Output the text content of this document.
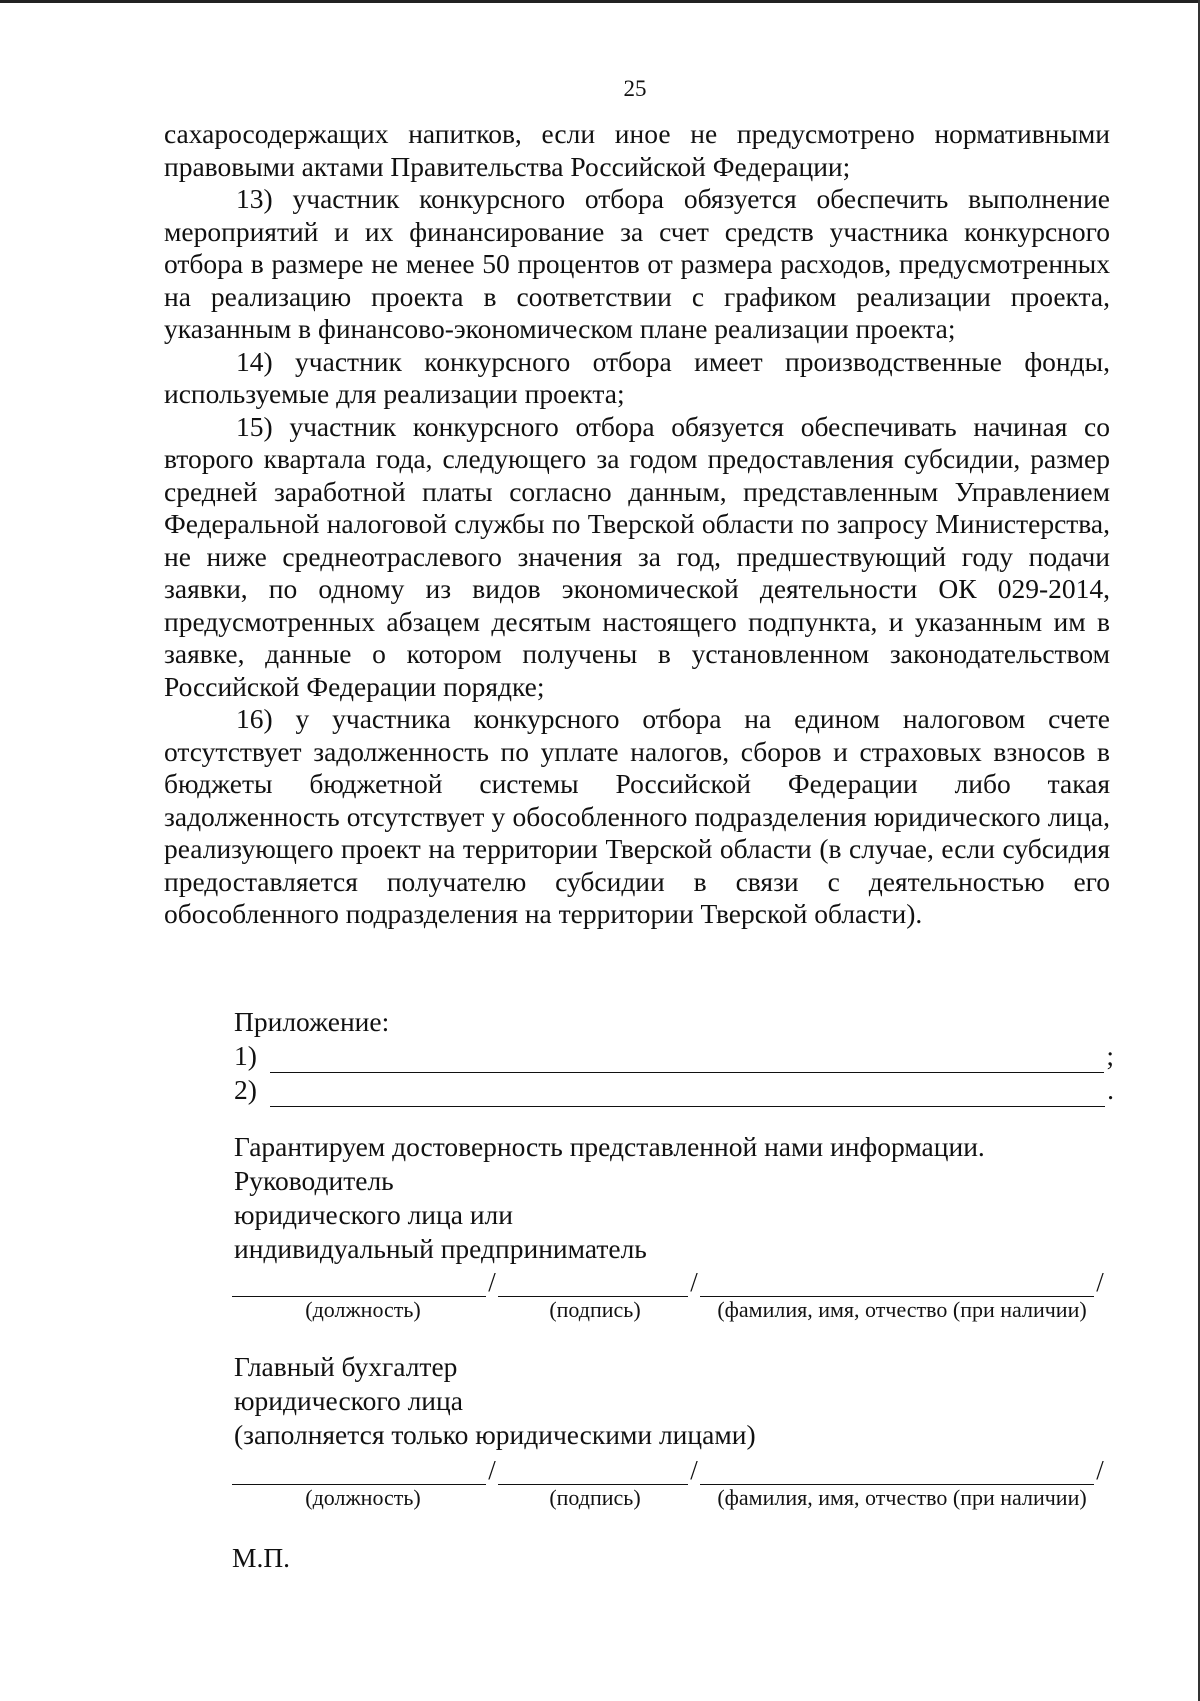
25

сахаросодержащих напитков, если иное не предусмотрено нормативными правовыми актами Правительства Российской Федерации;

13) участник конкурсного отбора обязуется обеспечить выполнение мероприятий и их финансирование за счет средств участника конкурсного отбора в размере не менее 50 процентов от размера расходов, предусмотренных на реализацию проекта в соответствии с графиком реализации проекта, указанным в финансово-экономическом плане реализации проекта;

14) участник конкурсного отбора имеет производственные фонды, используемые для реализации проекта;

15) участник конкурсного отбора обязуется обеспечивать начиная со второго квартала года, следующего за годом предоставления субсидии, размер средней заработной платы согласно данным, представленным Управлением Федеральной налоговой службы по Тверской области по запросу Министерства, не ниже среднеотраслевого значения за год, предшествующий году подачи заявки, по одному из видов экономической деятельности ОК 029-2014, предусмотренных абзацем десятым настоящего подпункта, и указанным им в заявке, данные о котором получены в установленном законодательством Российской Федерации порядке;

16) у участника конкурсного отбора на едином налоговом счете отсутствует задолженность по уплате налогов, сборов и страховых взносов в бюджеты бюджетной системы Российской Федерации либо такая задолженность отсутствует у обособленного подразделения юридического лица, реализующего проект на территории Тверской области (в случае, если субсидия предоставляется получателю субсидии в связи с деятельностью его обособленного подразделения на территории Тверской области).

Приложение:
1)	;
2)	.

Гарантируем достоверность представленной нами информации.

Руководитель

юридического лица или

индивидуальный предприниматель

/	/	/
(должность)	(подпись)	(фамилия, имя, отчество (при наличии)

Главный бухгалтер

юридического лица

(заполняется только юридическими лицами)

/	/	/
(должность)	(подпись)	(фамилия, имя, отчество (при наличии)
М.П.
